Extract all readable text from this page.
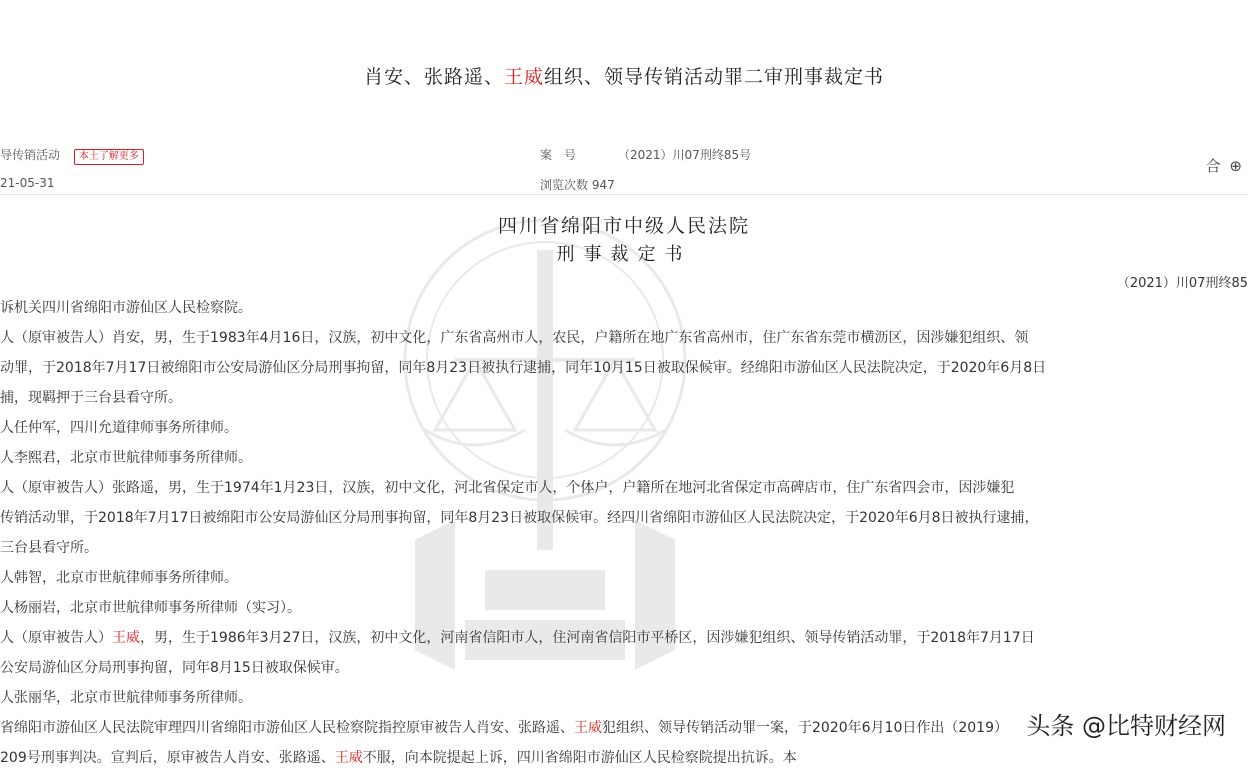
肖安、张路遥、王威组织、领导传销活动罪二审刑事裁定书
导传销活动 本土了解更多
21-05-31
案　号	（2021）川07刑终85号
浏览次数 947
合 ⊕
四川省绵阳市中级人民法院
刑事裁定书
（2021）川07刑终85
诉机关四川省绵阳市游仙区人民检察院。
人（原审被告人）肖安，男，生于1983年4月16日，汉族，初中文化，广东省高州市人，农民，户籍所在地广东省高州市，住广东省东莞市横沥区，因涉嫌犯组织、领
动罪，于2018年7月17日被绵阳市公安局游仙区分局刑事拘留，同年8月23日被执行逮捕，同年10月15日被取保候审。经绵阳市游仙区人民法院决定，于2020年6月8日
捕，现羁押于三台县看守所。
人任仲军，四川允道律师事务所律师。
人李熙君，北京市世航律师事务所律师。
人（原审被告人）张路遥，男，生于1974年1月23日，汉族，初中文化，河北省保定市人，个体户，户籍所在地河北省保定市高碑店市，住广东省四会市，因涉嫌犯
传销活动罪，于2018年7月17日被绵阳市公安局游仙区分局刑事拘留，同年8月23日被取保候审。经四川省绵阳市游仙区人民法院决定，于2020年6月8日被执行逮捕，
三台县看守所。
人韩智，北京市世航律师事务所律师。
人杨丽岩，北京市世航律师事务所律师（实习）。
人（原审被告人）王威，男，生于1986年3月27日，汉族，初中文化，河南省信阳市人，住河南省信阳市平桥区，因涉嫌犯组织、领导传销活动罪，于2018年7月17日
公安局游仙区分局刑事拘留，同年8月15日被取保候审。
人张丽华，北京市世航律师事务所律师。
省绵阳市游仙区人民法院审理四川省绵阳市游仙区人民检察院指控原审被告人肖安、张路遥、王威犯组织、领导传销活动罪一案，于2020年6月10日作出（2019）
209号刑事判决。宣判后，原审被告人肖安、张路遥、王威不服，向本院提起上诉，四川省绵阳市游仙区人民检察院提出抗诉。本
头条 @比特财经网
